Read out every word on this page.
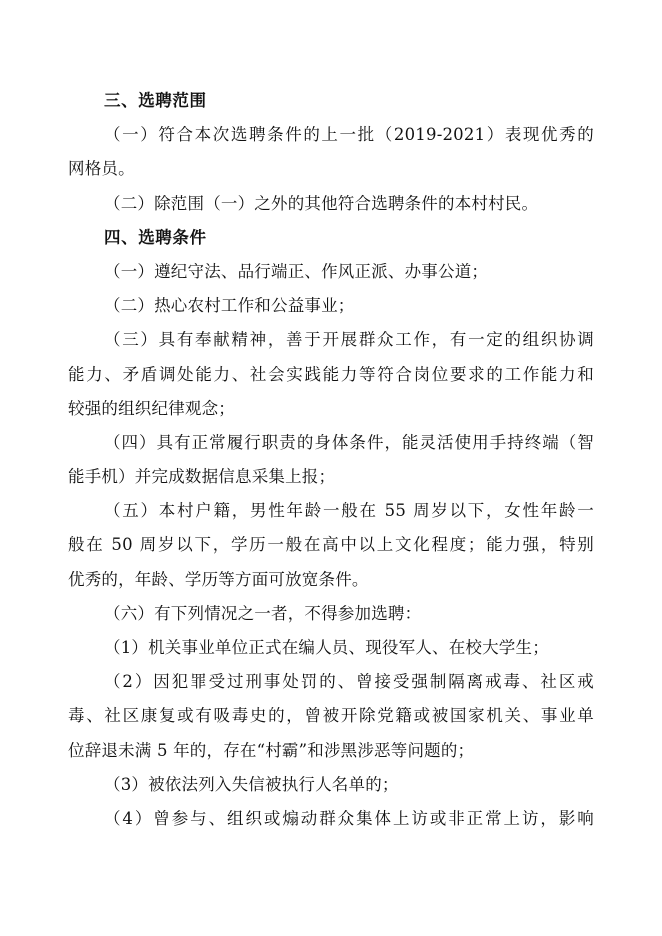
三、选聘范围
（一）符合本次选聘条件的上一批（2019-2021）表现优秀的
网格员。
（二）除范围（一）之外的其他符合选聘条件的本村村民。
四、选聘条件
（一）遵纪守法、品行端正、作风正派、办事公道；
（二）热心农村工作和公益事业；
（三）具有奉献精神，善于开展群众工作，有一定的组织协调
能力、矛盾调处能力、社会实践能力等符合岗位要求的工作能力和
较强的组织纪律观念；
（四）具有正常履行职责的身体条件，能灵活使用手持终端（智
能手机）并完成数据信息采集上报；
（五）本村户籍，男性年龄一般在 55 周岁以下，女性年龄一
般在 50 周岁以下，学历一般在高中以上文化程度；能力强，特别
优秀的，年龄、学历等方面可放宽条件。
（六）有下列情况之一者，不得参加选聘：
（1）机关事业单位正式在编人员、现役军人、在校大学生；
（2）因犯罪受过刑事处罚的、曾接受强制隔离戒毒、社区戒
毒、社区康复或有吸毒史的，曾被开除党籍或被国家机关、事业单
位辞退未满 5 年的，存在“村霸”和涉黑涉恶等问题的；
（3）被依法列入失信被执行人名单的；
（4）曾参与、组织或煽动群众集体上访或非正常上访，影响
